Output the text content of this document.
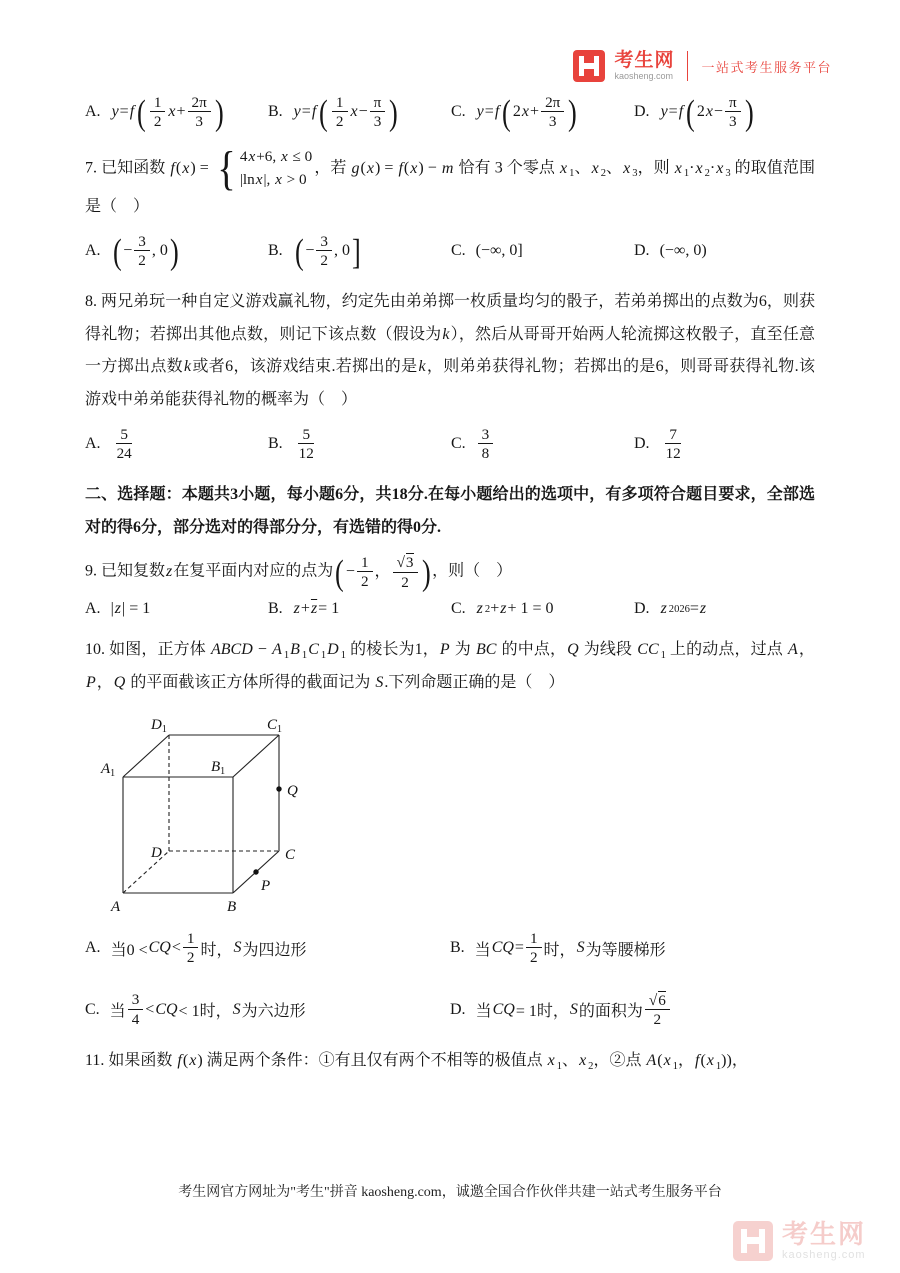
考生网
kaosheng.com
一站式考生服务平台
A. y = f ( $\frac{1}{2}$ $x + \frac{2\pi}{3}$ )	B. y = f ( $\frac{1}{2}$ $x - \frac{\pi}{3}$ )	C. y = f ( 2 $x + \frac{2\pi}{3}$ )	D. y = f ( 2 $x - \frac{\pi}{3}$ )
7. 已知函数 f(x) = { 4x+6, x ≤ 0
|lnx|, x > 0
，若 g(x) = f(x) − m 恰有 3 个零点 x $_1$、x $_2$、x $_3$，则 x $_1$·x $_2$·x $_3$ 的取值范围是（　）
A. ( − $\frac{3}{2}$ , 0 )	B. ( − $\frac{3}{2}$ , 0 ]	C. (−∞, 0]	D. (−∞, 0)
8. 两兄弟玩一种自定义游戏赢礼物，约定先由弟弟掷一枚质量均匀的骰子，若弟弟掷出的点数为6，则获得礼物；若掷出其他点数，则记下该点数（假设为k），然后从哥哥开始两人轮流掷这枚骰子，直至任意一方掷出点数k或者6，该游戏结束.若掷出的是k，则弟弟获得礼物；若掷出的是6，则哥哥获得礼物.该游戏中弟弟能获得礼物的概率为（　）
A. $\frac{5}{24}$	B. $\frac{5}{12}$	C. $\frac{3}{8}$	D. $\frac{7}{12}$
二、选择题：本题共3小题，每小题6分，共18分.在每小题给出的选项中，有多项符合题目要求，全部选对的得6分，部分选对的得部分分，有选错的得0分.
9. 已知复数z在复平面内对应的点为 ( − $\frac{1}{2}$ ， $\frac{√ 3}{2}$ ) ，则（　）
A. | z | = 1	B. $z + \overline{z} = 1$	C. z 2 + z + 1 = 0	D. z 2026 = z
10. 如图，正方体 ABCD − A $_1$B $_1$C $_1$D $_1$ 的棱长为1，P 为 BC 的中点，Q 为线段 CC $_1$ 上的动点，过点 A，P，Q 的平面截该正方体所得的截面记为 S.下列命题正确的是（　）
$D_1$	$C_1$
$A_1$	$B_1$
Q
D	C
P
A	B
A. 当0 < CQ < $\frac{1}{2}$ 时， S 为四边形	B. 当 CQ = $\frac{1}{2}$ 时， S 为等腰梯形
C. 当 $\frac{3}{4}$ < CQ < 1时， S 为六边形	D. 当 CQ = 1时， S 的面积为 $\frac{√ 6}{2}$
11. 如果函数 f(x) 满足两个条件：①有且仅有两个不相等的极值点 x $_1$、x $_2$，②点 A(x $_1$，f(x $_1$))，
考生网官方网址为"考生"拼音 kaosheng.com，诚邀全国合作伙伴共建一站式考生服务平台
考生网
kaosheng.com
